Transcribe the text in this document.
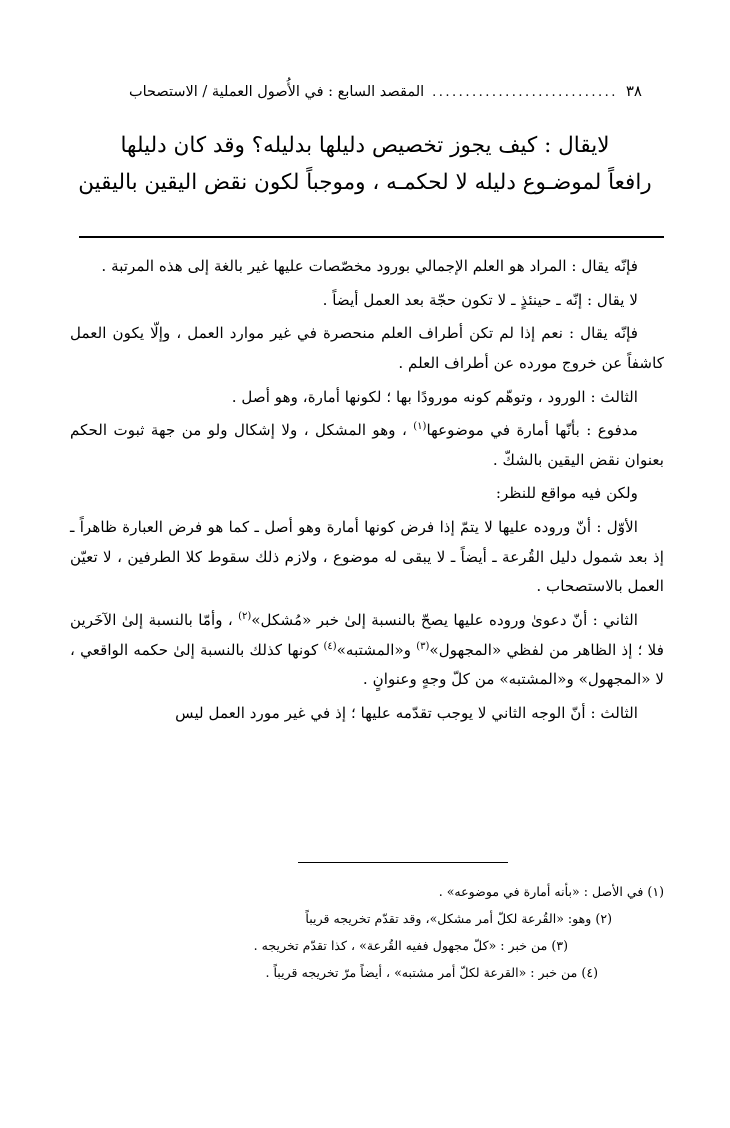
٣٨
............................
المقصد السابع : في الأُصول العملية / الاستصحاب
لايقال : كيف يجوز تخصيص دليلها بدليله؟ وقد كان دليلها
رافعاً لموضـوع دليله لا لحكمـه ، وموجباً لكون نقض اليقين باليقين

فإنّه يقال : المراد هو العلم الإجمالي بورود مخصّصات عليها غير بالغة إلى هذه المرتبة .

لا يقال : إنّه ـ حينئذٍ ـ لا تكون حجّة بعد العمل أيضاً .

فإنّه يقال : نعم إذا لم تكن أطراف العلم منحصرة في غير موارد العمل ، وإلّا يكون العمل كاشفاً عن خروج مورده عن أطراف العلم .

الثالث : الورود ، وتوهّم كونه مورودًا بها ؛ لكونها أمارة، وهو أصل .

مدفوع : بأنّها أمارة في موضوعها$^{(١)}$ ، وهو المشكل ، ولا إشكال ولو من جهة ثبوت الحكم بعنوان نقض اليقين بالشكّ .

ولكن فيه مواقع للنظر:

الأوّل : أنّ وروده عليها لا يتمّ إذا فرض كونها أمارة وهو أصل ـ كما هو فرض العبارة ظاهراً ـ إذ بعد شمول دليل القُرعة ـ أيضاً ـ لا يبقى له موضوع ، ولازم ذلك سقوط كلا الطرفين ، لا تعيّن العمل بالاستصحاب .

الثاني : أنّ دعوىٰ وروده عليها يصحّ بالنسبة إلىٰ خبر «مُشكل»$^{(٢)}$ ، وأمّا بالنسبة إلىٰ الآخَرين فلا ؛ إذ الظاهر من لفظي «المجهول»$^{(٣)}$ و«المشتبه»$^{(٤)}$ كونها كذلك بالنسبة إلىٰ حكمه الواقعي ، لا «المجهول» و«المشتبه» من كلّ وجهٍ وعنوانٍ .

الثالث : أنّ الوجه الثاني لا يوجب تقدّمه عليها ؛ إذ في غير مورد العمل ليس

(١) في الأصل : «بأنه أمارة في موضوعه» .

(٢) وهو: «القُرعة لكلّ أمر مشكل»، وقد تقدّم تخريجه قريباً

(٣) من خبر : «كلّ مجهول ففيه القُرعة» ، كذا تقدّم تخريجه .

(٤) من خبر : «القرعة لكلّ أمر مشتبه» ، أيضاً مرّ تخريجه قريباً .
